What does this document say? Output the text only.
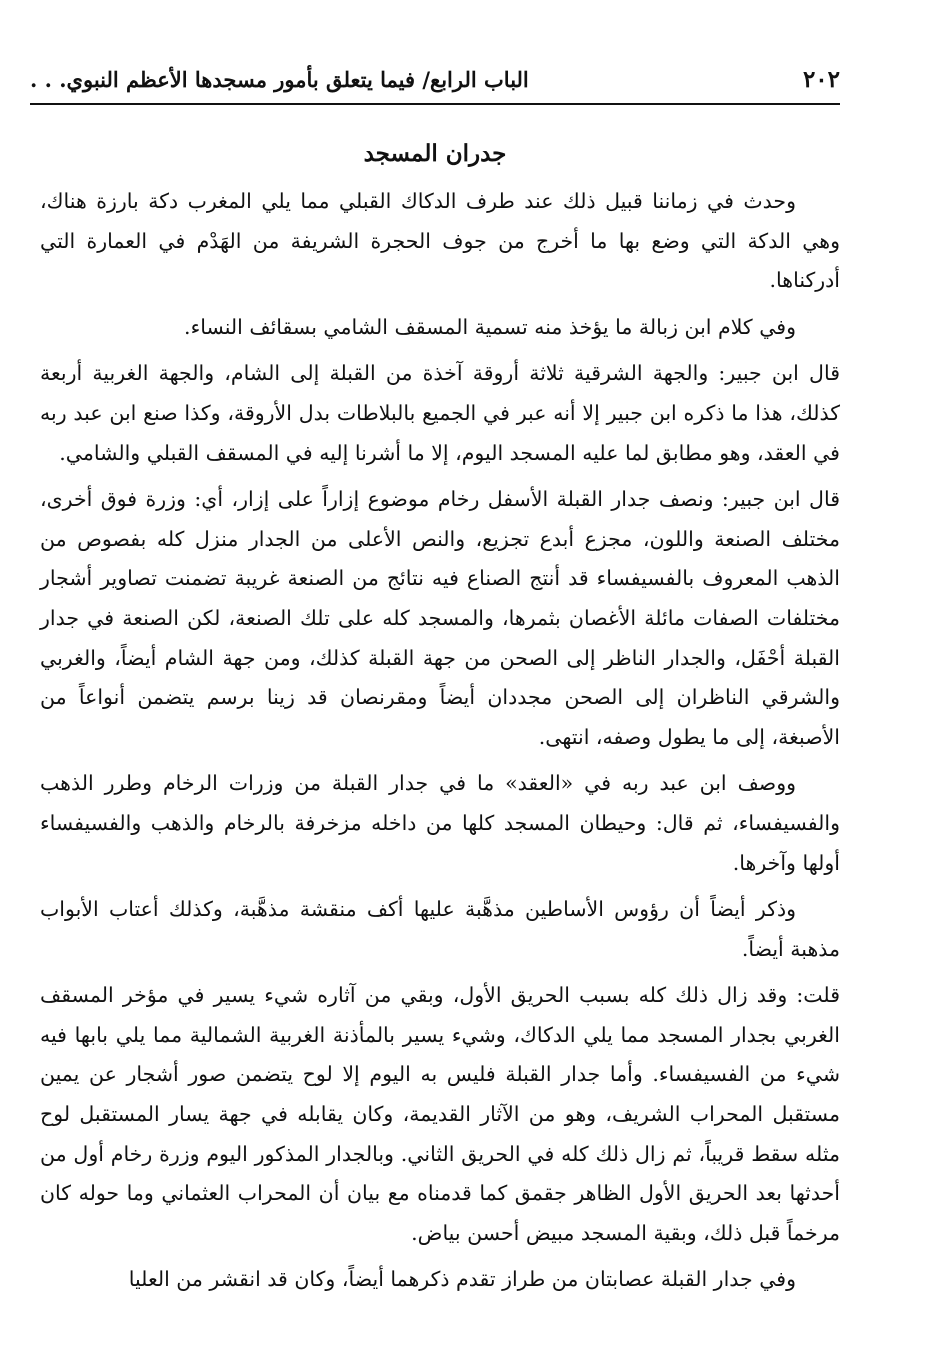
٢٠٢
الباب الرابع/ فيما يتعلق بأمور مسجدها الأعظم النبوي. . .
جدران المسجد

وحدث في زماننا قبيل ذلك عند طرف الدكاك القبلي مما يلي المغرب دكة بارزة هناك، وهي الدكة التي وضع بها ما أخرج من جوف الحجرة الشريفة من الهَدْم في العمارة التي أدركناها.

وفي كلام ابن زبالة ما يؤخذ منه تسمية المسقف الشامي بسقائف النساء.

قال ابن جبير: والجهة الشرقية ثلاثة أروقة آخذة من القبلة إلى الشام، والجهة الغربية أربعة كذلك، هذا ما ذكره ابن جبير إلا أنه عبر في الجميع بالبلاطات بدل الأروقة، وكذا صنع ابن عبد ربه في العقد، وهو مطابق لما عليه المسجد اليوم، إلا ما أشرنا إليه في المسقف القبلي والشامي.

قال ابن جبير: ونصف جدار القبلة الأسفل رخام موضوع إزاراً على إزار، أي: وزرة فوق أخرى، مختلف الصنعة واللون، مجزع أبدع تجزيع، والنص الأعلى من الجدار منزل كله بفصوص من الذهب المعروف بالفسيفساء قد أنتج الصناع فيه نتائج من الصنعة غريبة تضمنت تصاوير أشجار مختلفات الصفات مائلة الأغصان بثمرها، والمسجد كله على تلك الصنعة، لكن الصنعة في جدار القبلة أحْفَل، والجدار الناظر إلى الصحن من جهة القبلة كذلك، ومن جهة الشام أيضاً، والغربي والشرقي الناظران إلى الصحن مجددان أيضاً ومقرنصان قد زينا برسم يتضمن أنواعاً من الأصبغة، إلى ما يطول وصفه، انتهى.

ووصف ابن عبد ربه في «العقد» ما في جدار القبلة من وزرات الرخام وطرر الذهب والفسيفساء، ثم قال: وحيطان المسجد كلها من داخله مزخرفة بالرخام والذهب والفسيفساء أولها وآخرها.

وذكر أيضاً أن رؤوس الأساطين مذهَّبة عليها أكف منقشة مذهَّبة، وكذلك أعتاب الأبواب مذهبة أيضاً.

قلت: وقد زال ذلك كله بسبب الحريق الأول، وبقي من آثاره شيء يسير في مؤخر المسقف الغربي بجدار المسجد مما يلي الدكاك، وشيء يسير بالمأذنة الغربية الشمالية مما يلي بابها فيه شيء من الفسيفساء. وأما جدار القبلة فليس به اليوم إلا لوح يتضمن صور أشجار عن يمين مستقبل المحراب الشريف، وهو من الآثار القديمة، وكان يقابله في جهة يسار المستقبل لوح مثله سقط قريباً، ثم زال ذلك كله في الحريق الثاني. وبالجدار المذكور اليوم وزرة رخام أول من أحدثها بعد الحريق الأول الظاهر جقمق كما قدمناه مع بيان أن المحراب العثماني وما حوله كان مرخماً قبل ذلك، وبقية المسجد مبيض أحسن بياض.

وفي جدار القبلة عصابتان من طراز تقدم ذكرهما أيضاً، وكان قد انقشر من العليا
